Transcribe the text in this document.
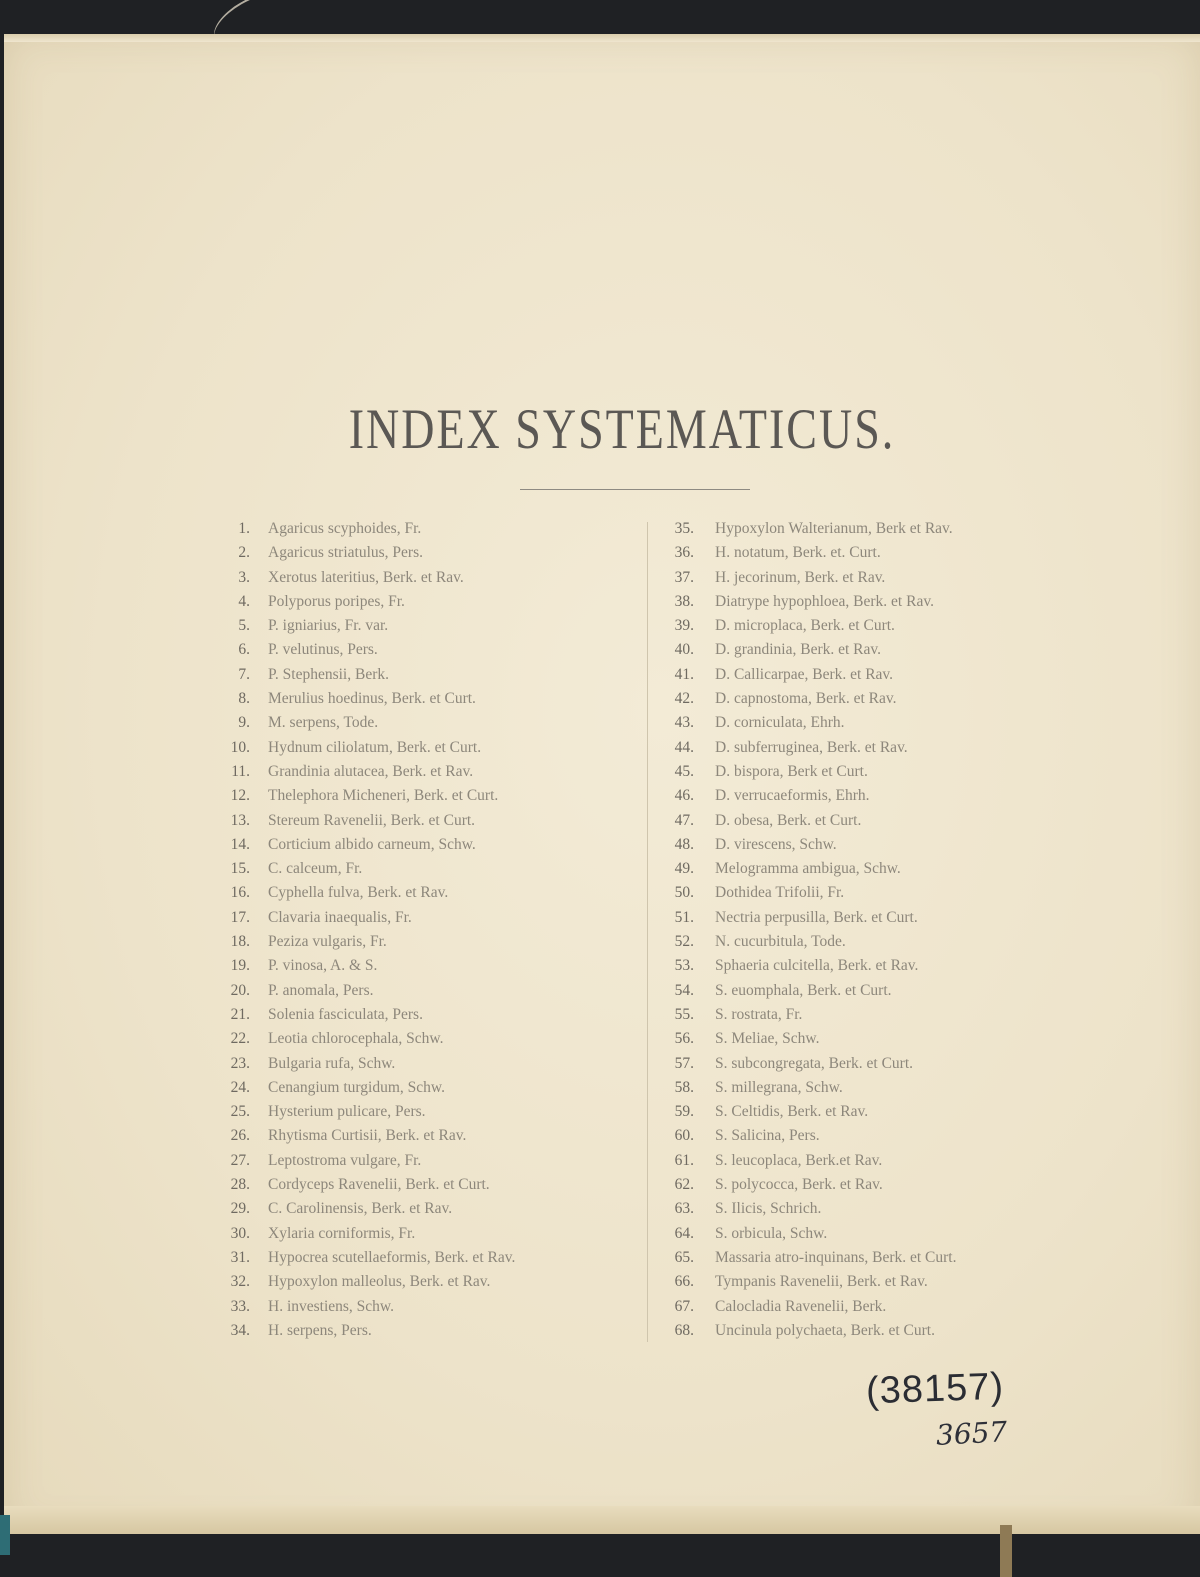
INDEX SYSTEMATICUS.
1. Agaricus scyphoides, Fr.
2. Agaricus striatulus, Pers.
3. Xerotus lateritius, Berk. et Rav.
4. Polyporus poripes, Fr.
5. P. igniarius, Fr. var.
6. P. velutinus, Pers.
7. P. Stephensii, Berk.
8. Merulius hoedinus, Berk. et Curt.
9. M. serpens, Tode.
10. Hydnum ciliolatum, Berk. et Curt.
11. Grandinia alutacea, Berk. et Rav.
12. Thelephora Micheneri, Berk. et Curt.
13. Stereum Ravenelii, Berk. et Curt.
14. Corticium albido carneum, Schw.
15. C. calceum, Fr.
16. Cyphella fulva, Berk. et Rav.
17. Clavaria inaequalis, Fr.
18. Peziza vulgaris, Fr.
19. P. vinosa, A. & S.
20. P. anomala, Pers.
21. Solenia fasciculata, Pers.
22. Leotia chlorocephala, Schw.
23. Bulgaria rufa, Schw.
24. Cenangium turgidum, Schw.
25. Hysterium pulicare, Pers.
26. Rhytisma Curtisii, Berk. et Rav.
27. Leptostroma vulgare, Fr.
28. Cordyceps Ravenelii, Berk. et Curt.
29. C. Carolinensis, Berk. et Rav.
30. Xylaria corniformis, Fr.
31. Hypocrea scutellaeformis, Berk. et Rav.
32. Hypoxylon malleolus, Berk. et Rav.
33. H. investiens, Schw.
34. H. serpens, Pers.
35. Hypoxylon Walterianum, Berk et Rav.
36. H. notatum, Berk. et. Curt.
37. H. jecorinum, Berk. et Rav.
38. Diatrype hypophloea, Berk. et Rav.
39. D. microplaca, Berk. et Curt.
40. D. grandinia, Berk. et Rav.
41. D. Callicarpae, Berk. et Rav.
42. D. capnostoma, Berk. et Rav.
43. D. corniculata, Ehrh.
44. D. subferruginea, Berk. et Rav.
45. D. bispora, Berk et Curt.
46. D. verrucaeformis, Ehrh.
47. D. obesa, Berk. et Curt.
48. D. virescens, Schw.
49. Melogramma ambigua, Schw.
50. Dothidea Trifolii, Fr.
51. Nectria perpusilla, Berk. et Curt.
52. N. cucurbitula, Tode.
53. Sphaeria culcitella, Berk. et Rav.
54. S. euomphala, Berk. et Curt.
55. S. rostrata, Fr.
56. S. Meliae, Schw.
57. S. subcongregata, Berk. et Curt.
58. S. millegrana, Schw.
59. S. Celtidis, Berk. et Rav.
60. S. Salicina, Pers.
61. S. leucoplaca, Berk.et Rav.
62. S. polycocca, Berk. et Rav.
63. S. Ilicis, Schrich.
64. S. orbicula, Schw.
65. Massaria atro-inquinans, Berk. et Curt.
66. Tympanis Ravenelii, Berk. et Rav.
67. Calocladia Ravenelii, Berk.
68. Uncinula polychaeta, Berk. et Curt.
(38157)
3657
